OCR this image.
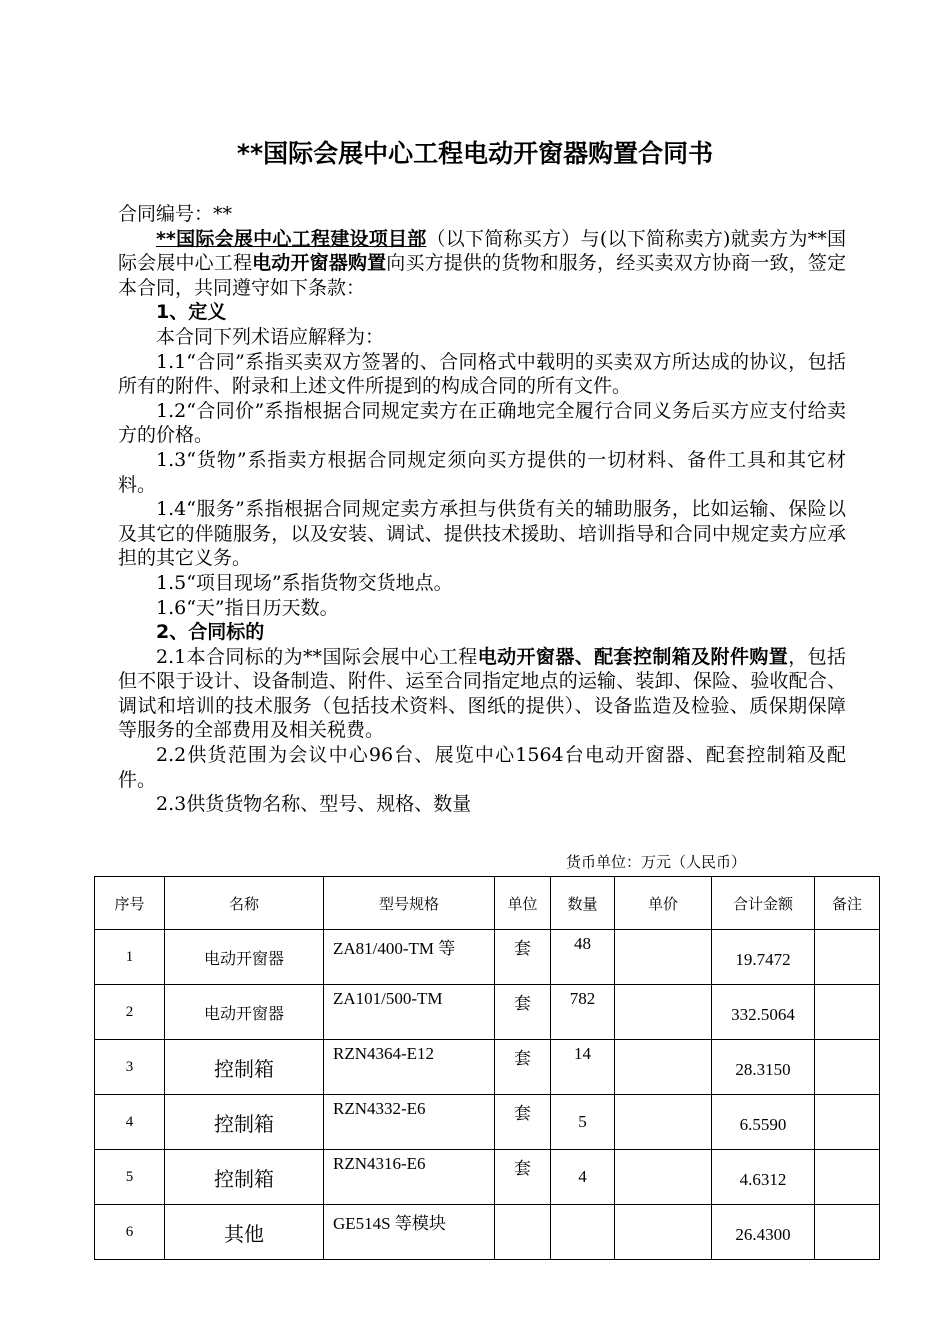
**国际会展中心工程电动开窗器购置合同书

合同编号：**

**国际会展中心工程建设项目部（以下简称买方）与(以下简称卖方)就卖方为**国际会展中心工程电动开窗器购置向买方提供的货物和服务，经买卖双方协商一致，签定本合同，共同遵守如下条款：

1、定义

本合同下列术语应解释为：

1.1“合同”系指买卖双方签署的、合同格式中载明的买卖双方所达成的协议，包括所有的附件、附录和上述文件所提到的构成合同的所有文件。

1.2“合同价”系指根据合同规定卖方在正确地完全履行合同义务后买方应支付给卖方的价格。

1.3“货物”系指卖方根据合同规定须向买方提供的一切材料、备件工具和其它材料。

1.4“服务”系指根据合同规定卖方承担与供货有关的辅助服务，比如运输、保险以及其它的伴随服务，以及安装、调试、提供技术援助、培训指导和合同中规定卖方应承担的其它义务。

1.5“项目现场”系指货物交货地点。

1.6“天”指日历天数。

2、合同标的

2.1本合同标的为**国际会展中心工程电动开窗器、配套控制箱及附件购置，包括但不限于设计、设备制造、附件、运至合同指定地点的运输、装卸、保险、验收配合、调试和培训的技术服务（包括技术资料、图纸的提供）、设备监造及检验、质保期保障等服务的全部费用及相关税费。

2.2供货范围为会议中心96台、展览中心1564台电动开窗器、配套控制箱及配件。

2.3供货货物名称、型号、规格、数量

货币单位：万元（人民币）
序号	名称	型号规格	单位	数量	单价	合计金额	备注
1	电动开窗器	ZA81/400-TM 等	套	48		19.7472	
2	电动开窗器	ZA101/500-TM	套	782		332.5064	
3	控制箱	RZN4364-E12	套	14		28.3150	
4	控制箱	RZN4332-E6	套	5		6.5590	
5	控制箱	RZN4316-E6	套	4		4.6312	
6	其他	GE514S 等模块				26.4300	
